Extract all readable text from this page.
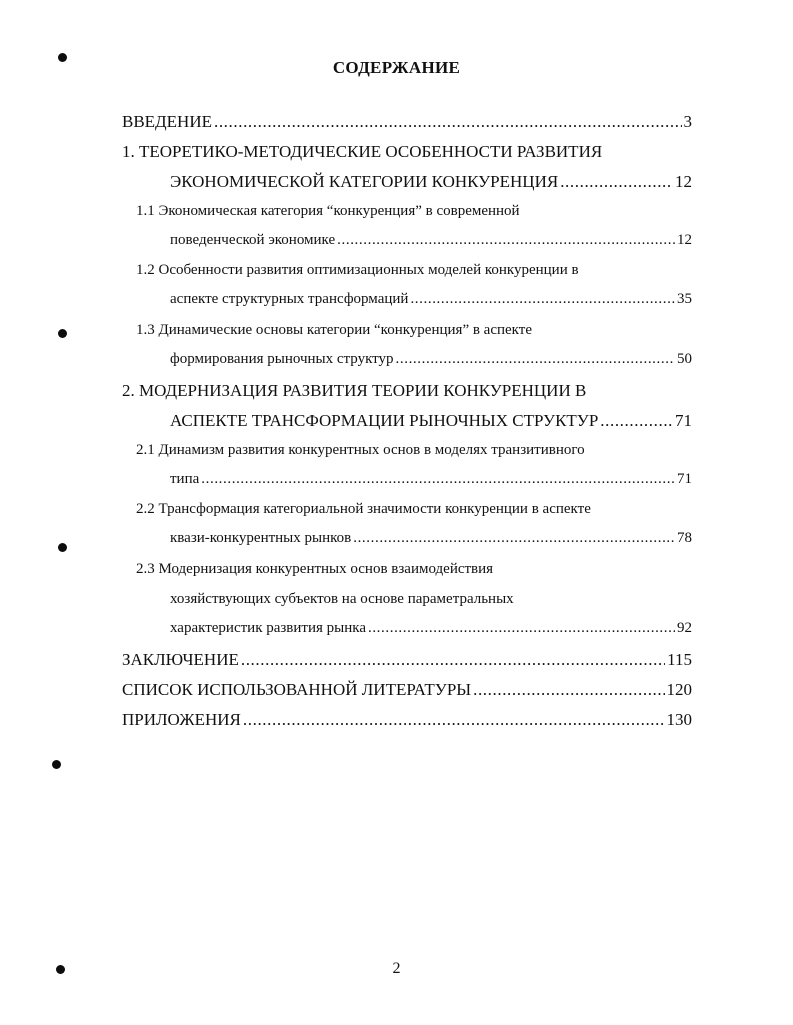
СОДЕРЖАНИЕ
ВВЕДЕНИЕ .....	3
1. ТЕОРЕТИКО-МЕТОДИЧЕСКИЕ ОСОБЕННОСТИ РАЗВИТИЯ
ЭКОНОМИЧЕСКОЙ КАТЕГОРИИ КОНКУРЕНЦИЯ .....	12
1.1 Экономическая категория “конкуренция” в современной
поведенческой экономике .....	12
1.2 Особенности развития оптимизационных моделей конкуренции в
аспекте структурных трансформаций .....	35
1.3 Динамические основы категории “конкуренция” в аспекте
формирования рыночных структур .....	50
2. МОДЕРНИЗАЦИЯ РАЗВИТИЯ ТЕОРИИ КОНКУРЕНЦИИ В
АСПЕКТЕ ТРАНСФОРМАЦИИ РЫНОЧНЫХ СТРУКТУР .....	71
2.1 Динамизм развития конкурентных основ в моделях транзитивного
типа .....	71
2.2 Трансформация категориальной значимости конкуренции в аспекте
квази-конкурентных рынков .....	78
2.3 Модернизация конкурентных основ взаимодействия
хозяйствующих субъектов на основе параметральных
характеристик развития рынка .....	92
ЗАКЛЮЧЕНИЕ .....	115
СПИСОК ИСПОЛЬЗОВАННОЙ ЛИТЕРАТУРЫ .....	120
ПРИЛОЖЕНИЯ .....	130
2
